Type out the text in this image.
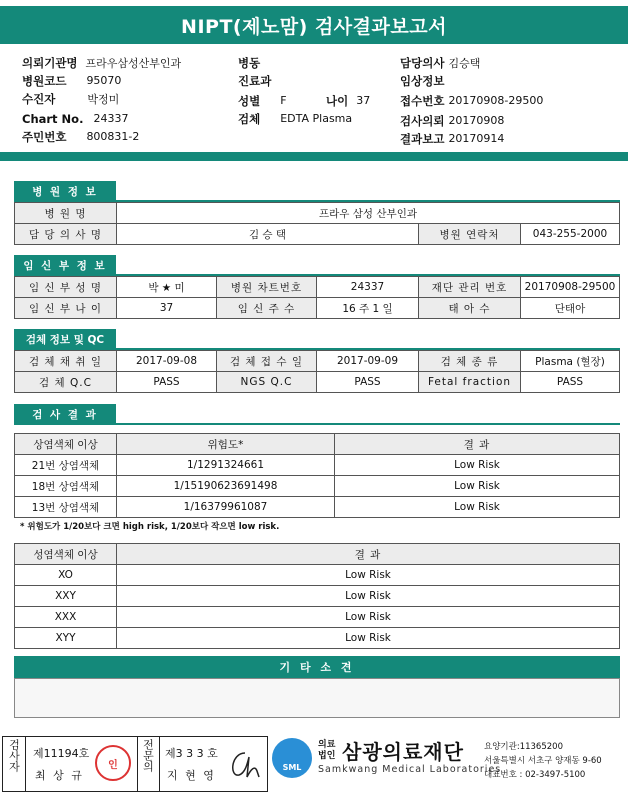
NIPT(제노맘) 검사결과보고서
의뢰기관명 프라우삼성산부인과
병원코드 95070
수진자	박정미
Chart No. 24337
주민번호 800831-2
병동
진료과
성별 F	나이 37
검체 EDTA Plasma
담당의사 김승택
임상정보
접수번호 20170908-29500
검사의뢰 20170908
결과보고 20170914
병 원 정 보
병 원 명	프라우 삼성 산부인과		
담 당 의 사 명	김 승 택	병원 연락처	043-255-2000
임 신 부 정 보
임 신 부 성 명	박 ★ 미	병원 차트번호	24337	재단 관리 번호	20170908-29500
임 신 부 나 이	37	임 신 주 수	16 주 1 일	태 아 수	단태아
검체 정보 및 QC
검 체 채 취 일	2017-09-08	검 체 접 수 일	2017-09-09	검 체 종 류	Plasma (혈장)
검 체 Q.C	PASS	NGS Q.C	PASS	Fetal fraction	PASS
검 사 결 과
상염색체 이상	위험도*	결 과
21번 상염색체	1/1291324661	Low Risk
18번 상염색체	1/15190623691498	Low Risk
13번 상염색체	1/16379961087	Low Risk
* 위험도가 1/20보다 크면 high risk, 1/20보다 작으면 low risk.
성염색체 이상	결 과
XO	Low Risk
XXY	Low Risk
XXX	Low Risk
XYY	Low Risk
기 타 소 견
검사자 제11194호
최 상 규
인 전문의 제3 3 3 호
지 현 영
SML
의료
법인 삼광의료재단
Samkwang Medical Laboratories
요양기관:11365200
서울특별시 서초구 양재동 9-60
대표번호 : 02-3497-5100
